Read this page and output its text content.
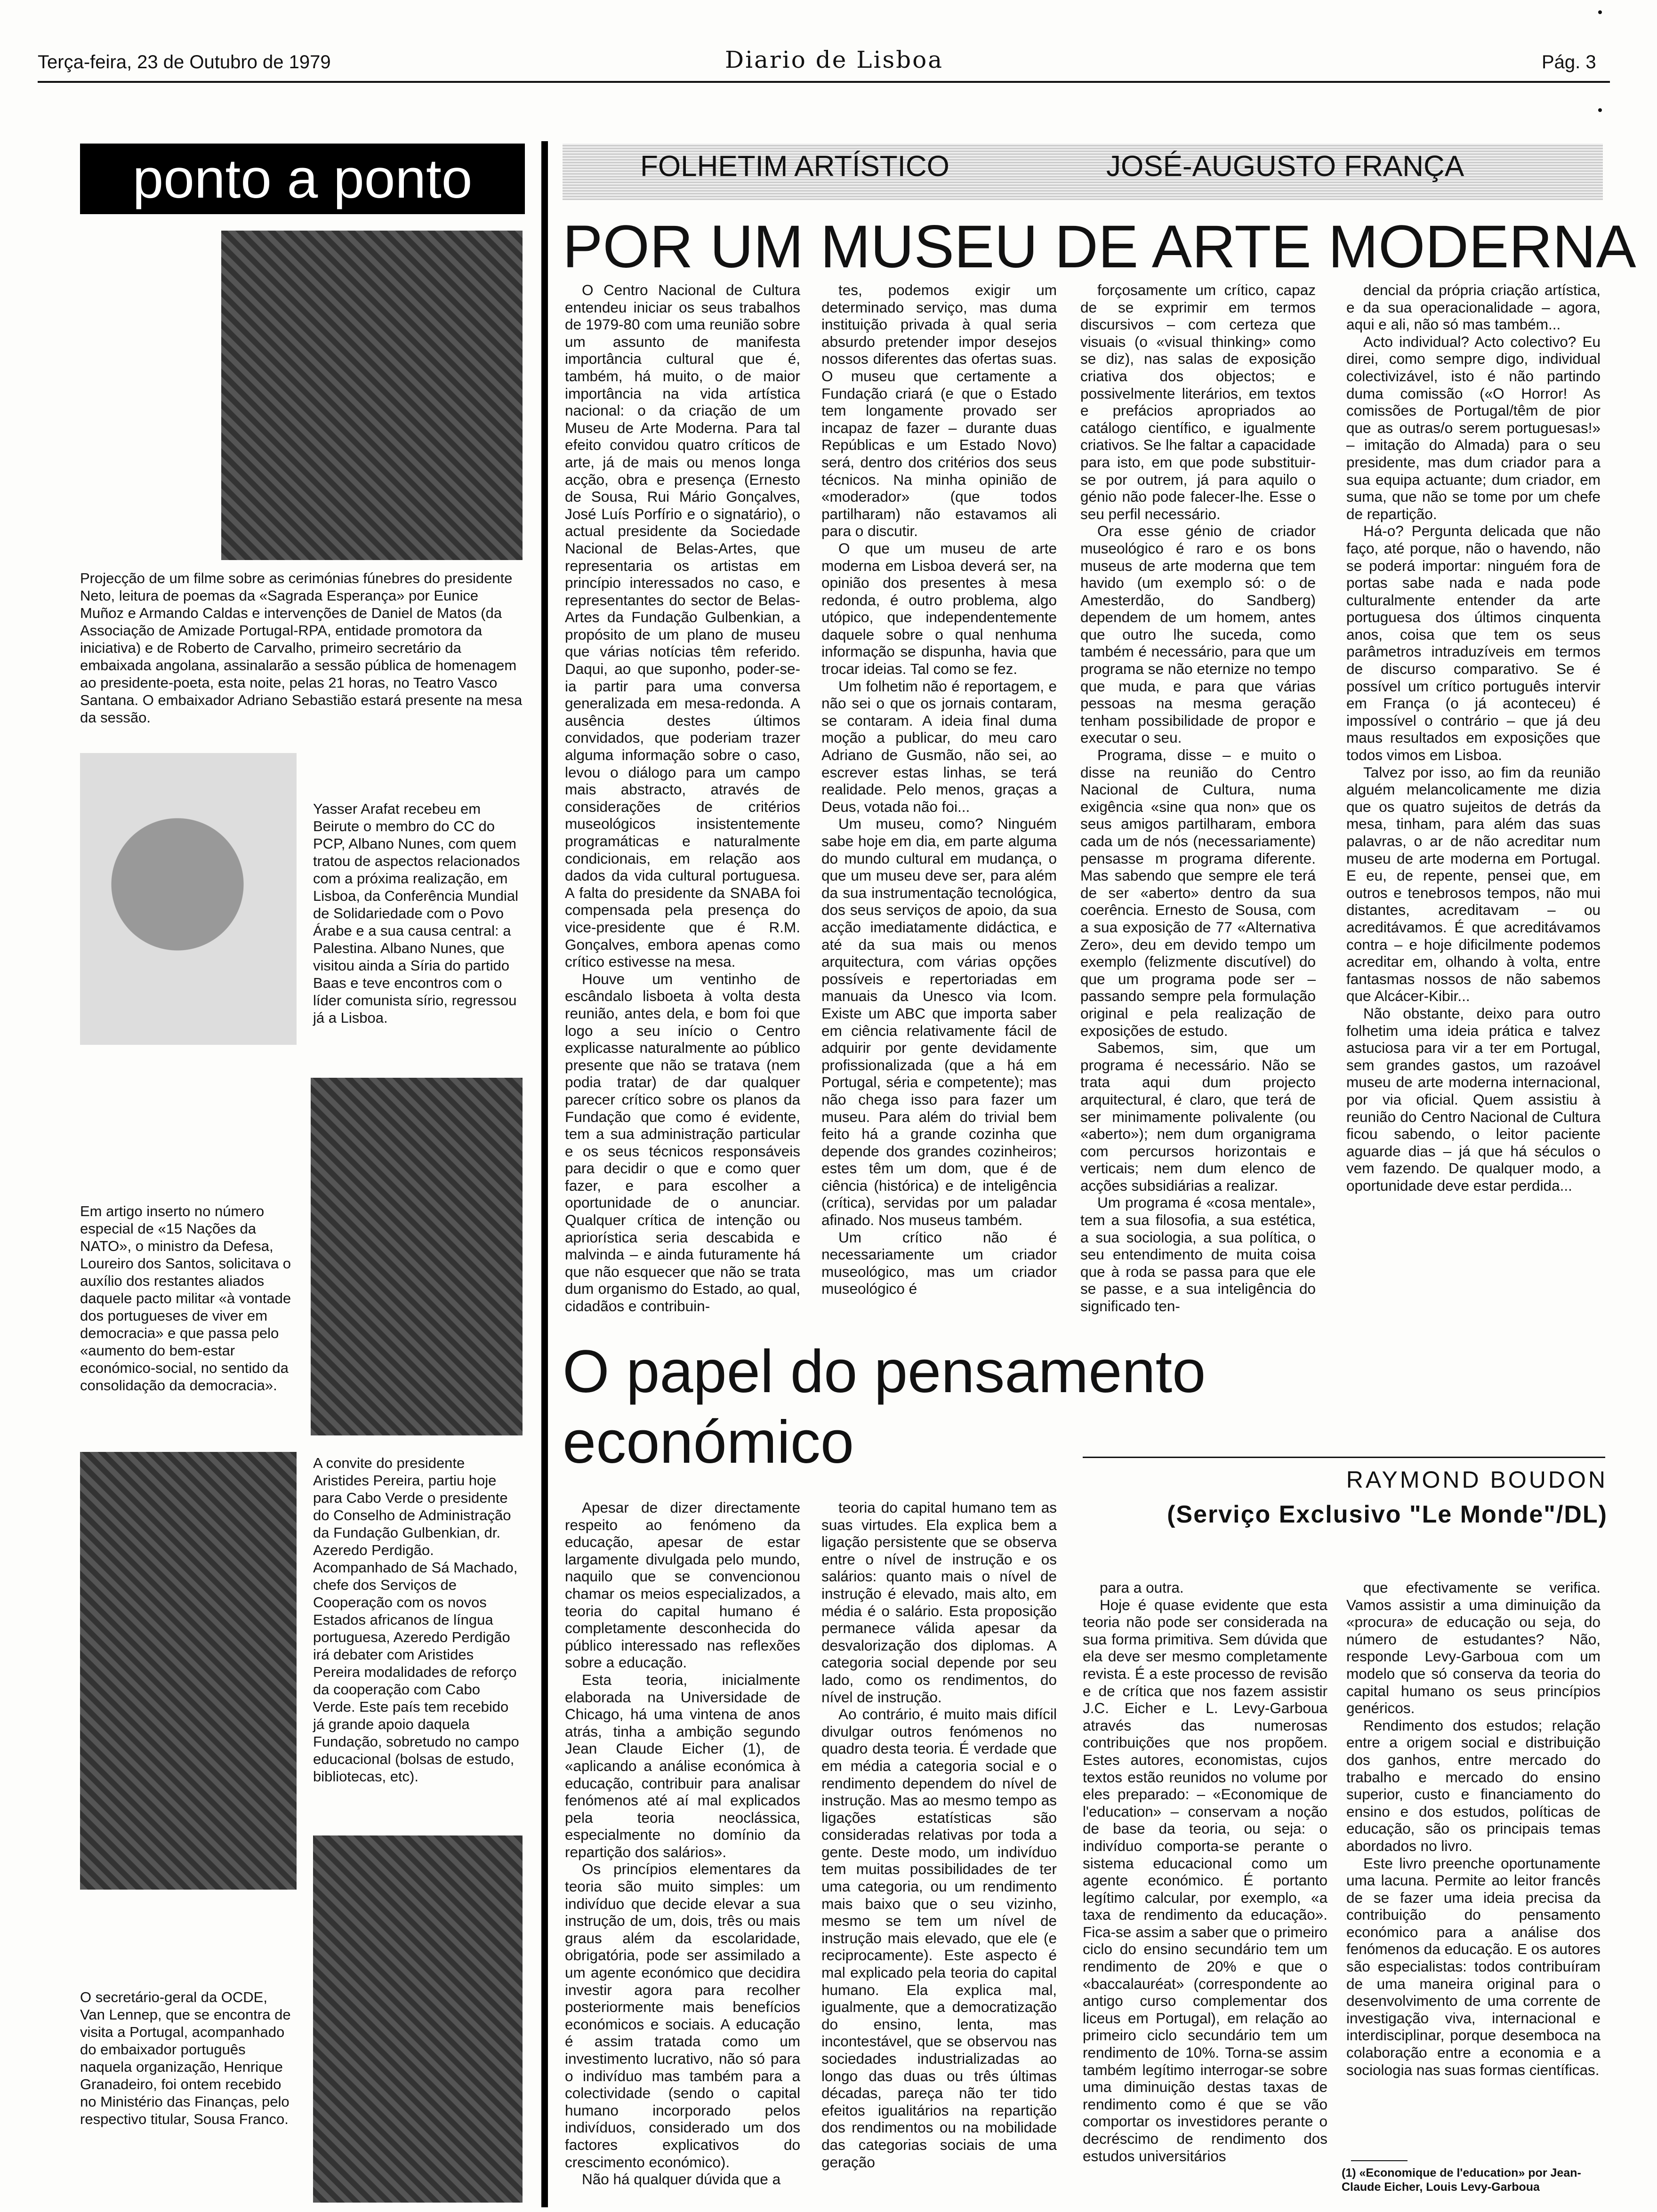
Terça-feira, 23 de Outubro de 1979	Diario de Lisboa	Pág. 3
ponto a ponto
Projecção de um filme sobre as cerimónias fúnebres do presidente Neto, leitura de poemas da «Sagrada Esperança» por Eunice Muñoz e Armando Caldas e intervenções de Daniel de Matos (da Associação de Amizade Portugal-RPA, entidade promotora da iniciativa) e de Roberto de Carvalho, primeiro secretário da embaixada angolana, assinalarão a sessão pública de homenagem ao presidente-poeta, esta noite, pelas 21 horas, no Teatro Vasco Santana. O embaixador Adriano Sebastião estará presente na mesa da sessão.
Yasser Arafat recebeu em Beirute o membro do CC do PCP, Albano Nunes, com quem tratou de aspectos relacionados com a próxima realização, em Lisboa, da Conferência Mundial de Solidariedade com o Povo Árabe e a sua causa central: a Palestina. Albano Nunes, que visitou ainda a Síria do partido Baas e teve encontros com o líder comunista sírio, regressou já a Lisboa.
Em artigo inserto no número especial de «15 Nações da NATO», o ministro da Defesa, Loureiro dos Santos, solicitava o auxílio dos restantes aliados daquele pacto militar «à vontade dos portugueses de viver em democracia» e que passa pelo «aumento do bem-estar económico-social, no sentido da consolidação da democracia».
A convite do presidente Aristides Pereira, partiu hoje para Cabo Verde o presidente do Conselho de Administração da Fundação Gulbenkian, dr. Azeredo Perdigão. Acompanhado de Sá Machado, chefe dos Serviços de Cooperação com os novos Estados africanos de língua portuguesa, Azeredo Perdigão irá debater com Aristides Pereira modalidades de reforço da cooperação com Cabo Verde. Este país tem recebido já grande apoio daquela Fundação, sobretudo no campo educacional (bolsas de estudo, bibliotecas, etc).
O secretário-geral da OCDE, Van Lennep, que se encontra de visita a Portugal, acompanhado do embaixador português naquela organização, Henrique Granadeiro, foi ontem recebido no Ministério das Finanças, pelo respectivo titular, Sousa Franco.
FOLHETIM ARTÍSTICO	JOSÉ-AUGUSTO FRANÇA
POR UM MUSEU DE ARTE MODERNA

O Centro Nacional de Cultura entendeu iniciar os seus trabalhos de 1979-80 com uma reunião sobre um assunto de manifesta importância cultural que é, também, há muito, o de maior importância na vida artística nacional: o da criação de um Museu de Arte Moderna. Para tal efeito convidou quatro críticos de arte, já de mais ou menos longa acção, obra e presença (Ernesto de Sousa, Rui Mário Gonçalves, José Luís Porfírio e o signatário), o actual presidente da Sociedade Nacional de Belas-Artes, que representaria os artistas em princípio interessados no caso, e representantes do sector de Belas-Artes da Fundação Gulbenkian, a propósito de um plano de museu que várias notícias têm referido. Daqui, ao que suponho, poder-se-ia partir para uma conversa generalizada em mesa-redonda. A ausência destes últimos convidados, que poderiam trazer alguma informação sobre o caso, levou o diálogo para um campo mais abstracto, através de considerações de critérios museológicos insistentemente programáticas e naturalmente condicionais, em relação aos dados da vida cultural portuguesa. A falta do presidente da SNABA foi compensada pela presença do vice-presidente que é R.M. Gonçalves, embora apenas como crítico estivesse na mesa.

Houve um ventinho de escândalo lisboeta à volta desta reunião, antes dela, e bom foi que logo a seu início o Centro explicasse naturalmente ao público presente que não se tratava (nem podia tratar) de dar qualquer parecer crítico sobre os planos da Fundação que como é evidente, tem a sua administração particular e os seus técnicos responsáveis para decidir o que e como quer fazer, e para escolher a oportunidade de o anunciar. Qualquer crítica de intenção ou apriorística seria descabida e malvinda – e ainda futuramente há que não esquecer que não se trata dum organismo do Estado, ao qual, cidadãos e contribuin-

tes, podemos exigir um determinado serviço, mas duma instituição privada à qual seria absurdo pretender impor desejos nossos diferentes das ofertas suas. O museu que certamente a Fundação criará (e que o Estado tem longamente provado ser incapaz de fazer – durante duas Repúblicas e um Estado Novo) será, dentro dos critérios dos seus técnicos. Na minha opinião de «moderador» (que todos partilharam) não estavamos ali para o discutir.

O que um museu de arte moderna em Lisboa deverá ser, na opinião dos presentes à mesa redonda, é outro problema, algo utópico, que independentemente daquele sobre o qual nenhuma informação se dispunha, havia que trocar ideias. Tal como se fez.

Um folhetim não é reportagem, e não sei o que os jornais contaram, se contaram. A ideia final duma moção a publicar, do meu caro Adriano de Gusmão, não sei, ao escrever estas linhas, se terá realidade. Pelo menos, graças a Deus, votada não foi...

Um museu, como? Ninguém sabe hoje em dia, em parte alguma do mundo cultural em mudança, o que um museu deve ser, para além da sua instrumentação tecnológica, dos seus serviços de apoio, da sua acção imediatamente didáctica, e até da sua mais ou menos arquitectura, com várias opções possíveis e repertoriadas em manuais da Unesco via Icom. Existe um ABC que importa saber em ciência relativamente fácil de adquirir por gente devidamente profissionalizada (que a há em Portugal, séria e competente); mas não chega isso para fazer um museu. Para além do trivial bem feito há a grande cozinha que depende dos grandes cozinheiros; estes têm um dom, que é de ciência (histórica) e de inteligência (crítica), servidas por um paladar afinado. Nos museus também.

Um crítico não é necessariamente um criador museológico, mas um criador museológico é

forçosamente um crítico, capaz de se exprimir em termos discursivos – com certeza que visuais (o «visual thinking» como se diz), nas salas de exposição criativa dos objectos; e possivelmente literários, em textos e prefácios apropriados ao catálogo científico, e igualmente criativos. Se lhe faltar a capacidade para isto, em que pode substituir-se por outrem, já para aquilo o génio não pode falecer-lhe. Esse o seu perfil necessário.

Ora esse génio de criador museológico é raro e os bons museus de arte moderna que tem havido (um exemplo só: o de Amesterdão, do Sandberg) dependem de um homem, antes que outro lhe suceda, como também é necessário, para que um programa se não eternize no tempo que muda, e para que várias pessoas na mesma geração tenham possibilidade de propor e executar o seu.

Programa, disse – e muito o disse na reunião do Centro Nacional de Cultura, numa exigência «sine qua non» que os seus amigos partilharam, embora cada um de nós (necessariamente) pensasse m programa diferente. Mas sabendo que sempre ele terá de ser «aberto» dentro da sua coerência. Ernesto de Sousa, com a sua exposição de 77 «Alternativa Zero», deu em devido tempo um exemplo (felizmente discutível) do que um programa pode ser – passando sempre pela formulação original e pela realização de exposições de estudo.

Sabemos, sim, que um programa é necessário. Não se trata aqui dum projecto arquitectural, é claro, que terá de ser minimamente polivalente (ou «aberto»); nem dum organigrama com percursos horizontais e verticais; nem dum elenco de acções subsidiárias a realizar.

Um programa é «cosa mentale», tem a sua filosofia, a sua estética, a sua sociologia, a sua política, o seu entendimento de muita coisa que à roda se passa para que ele se passe, e a sua inteligência do significado ten-

dencial da própria criação artística, e da sua operacionalidade – agora, aqui e ali, não só mas também...

Acto individual? Acto colectivo? Eu direi, como sempre digo, individual colectivizável, isto é não partindo duma comissão («O Horror! As comissões de Portugal/têm de pior que as outras/o serem portuguesas!» – imitação do Almada) para o seu presidente, mas dum criador para a sua equipa actuante; dum criador, em suma, que não se tome por um chefe de repartição.

Há-o? Pergunta delicada que não faço, até porque, não o havendo, não se poderá importar: ninguém fora de portas sabe nada e nada pode culturalmente entender da arte portuguesa dos últimos cinquenta anos, coisa que tem os seus parâmetros intraduzíveis em termos de discurso comparativo. Se é possível um crítico português intervir em França (o já aconteceu) é impossível o contrário – que já deu maus resultados em exposições que todos vimos em Lisboa.

Talvez por isso, ao fim da reunião alguém melancolicamente me dizia que os quatro sujeitos de detrás da mesa, tinham, para além das suas palavras, o ar de não acreditar num museu de arte moderna em Portugal. E eu, de repente, pensei que, em outros e tenebrosos tempos, não mui distantes, acreditavam – ou acreditávamos. É que acreditávamos contra – e hoje dificilmente podemos acreditar em, olhando à volta, entre fantasmas nossos de não sabemos que Alcácer-Kibir...

Não obstante, deixo para outro folhetim uma ideia prática e talvez astuciosa para vir a ter em Portugal, sem grandes gastos, um razoável museu de arte moderna internacional, por via oficial. Quem assistiu à reunião do Centro Nacional de Cultura ficou sabendo, o leitor paciente aguarde dias – já que há séculos o vem fazendo. De qualquer modo, a oportunidade deve estar perdida...

O papel do pensamento económico
RAYMOND BOUDON
(Serviço Exclusivo "Le Monde"/DL)

Apesar de dizer directamente respeito ao fenómeno da educação, apesar de estar largamente divulgada pelo mundo, naquilo que se convencionou chamar os meios especializados, a teoria do capital humano é completamente desconhecida do público interessado nas reflexões sobre a educação.

Esta teoria, inicialmente elaborada na Universidade de Chicago, há uma vintena de anos atrás, tinha a ambição segundo Jean Claude Eicher (1), de «aplicando a análise económica à educação, contribuir para analisar fenómenos até aí mal explicados pela teoria neoclássica, especialmente no domínio da repartição dos salários».

Os princípios elementares da teoria são muito simples: um indivíduo que decide elevar a sua instrução de um, dois, três ou mais graus além da escolaridade, obrigatória, pode ser assimilado a um agente económico que decidira investir agora para recolher posteriormente mais benefícios económicos e sociais. A educação é assim tratada como um investimento lucrativo, não só para o indivíduo mas também para a colectividade (sendo o capital humano incorporado pelos indivíduos, considerado um dos factores explicativos do crescimento económico).

Não há qualquer dúvida que a

teoria do capital humano tem as suas virtudes. Ela explica bem a ligação persistente que se observa entre o nível de instrução e os salários: quanto mais o nível de instrução é elevado, mais alto, em média é o salário. Esta proposição permanece válida apesar da desvalorização dos diplomas. A categoria social depende por seu lado, como os rendimentos, do nível de instrução.

Ao contrário, é muito mais difícil divulgar outros fenómenos no quadro desta teoria. É verdade que em média a categoria social e o rendimento dependem do nível de instrução. Mas ao mesmo tempo as ligações estatísticas são consideradas relativas por toda a gente. Deste modo, um indivíduo tem muitas possibilidades de ter uma categoria, ou um rendimento mais baixo que o seu vizinho, mesmo se tem um nível de instrução mais elevado, que ele (e reciprocamente). Este aspecto é mal explicado pela teoria do capital humano. Ela explica mal, igualmente, que a democratização do ensino, lenta, mas incontestável, que se observou nas sociedades industrializadas ao longo das duas ou três últimas décadas, pareça não ter tido efeitos igualitários na repartição dos rendimentos ou na mobilidade das categorias sociais de uma geração

para a outra.

Hoje é quase evidente que esta teoria não pode ser considerada na sua forma primitiva. Sem dúvida que ela deve ser mesmo completamente revista. É a este processo de revisão e de crítica que nos fazem assistir J.C. Eicher e L. Levy-Garboua através das numerosas contribuições que nos propõem. Estes autores, economistas, cujos textos estão reunidos no volume por eles preparado: – «Economique de l'education» – conservam a noção de base da teoria, ou seja: o indivíduo comporta-se perante o sistema educacional como um agente económico. É portanto legítimo calcular, por exemplo, «a taxa de rendimento da educação». Fica-se assim a saber que o primeiro ciclo do ensino secundário tem um rendimento de 20% e que o «baccalauréat» (correspondente ao antigo curso complementar dos liceus em Portugal), em relação ao primeiro ciclo secundário tem um rendimento de 10%. Torna-se assim também legítimo interrogar-se sobre uma diminuição destas taxas de rendimento como é que se vão comportar os investidores perante o decréscimo de rendimento dos estudos universitários

que efectivamente se verifica. Vamos assistir a uma diminuição da «procura» de educação ou seja, do número de estudantes? Não, responde Levy-Garboua com um modelo que só conserva da teoria do capital humano os seus princípios genéricos.

Rendimento dos estudos; relação entre a origem social e distribuição dos ganhos, entre mercado do trabalho e mercado do ensino superior, custo e financiamento do ensino e dos estudos, políticas de educação, são os principais temas abordados no livro.

Este livro preenche oportunamente uma lacuna. Permite ao leitor francês de se fazer uma ideia precisa da contribuição do pensamento económico para a análise dos fenómenos da educação. E os autores são especialistas: todos contribuíram de uma maneira original para o desenvolvimento de uma corrente de investigação viva, internacional e interdisciplinar, porque desemboca na colaboração entre a economia e a sociologia nas suas formas científicas.

(1) «Economique de l'education» por Jean-Claude Eicher, Louis Levy-Garboua
